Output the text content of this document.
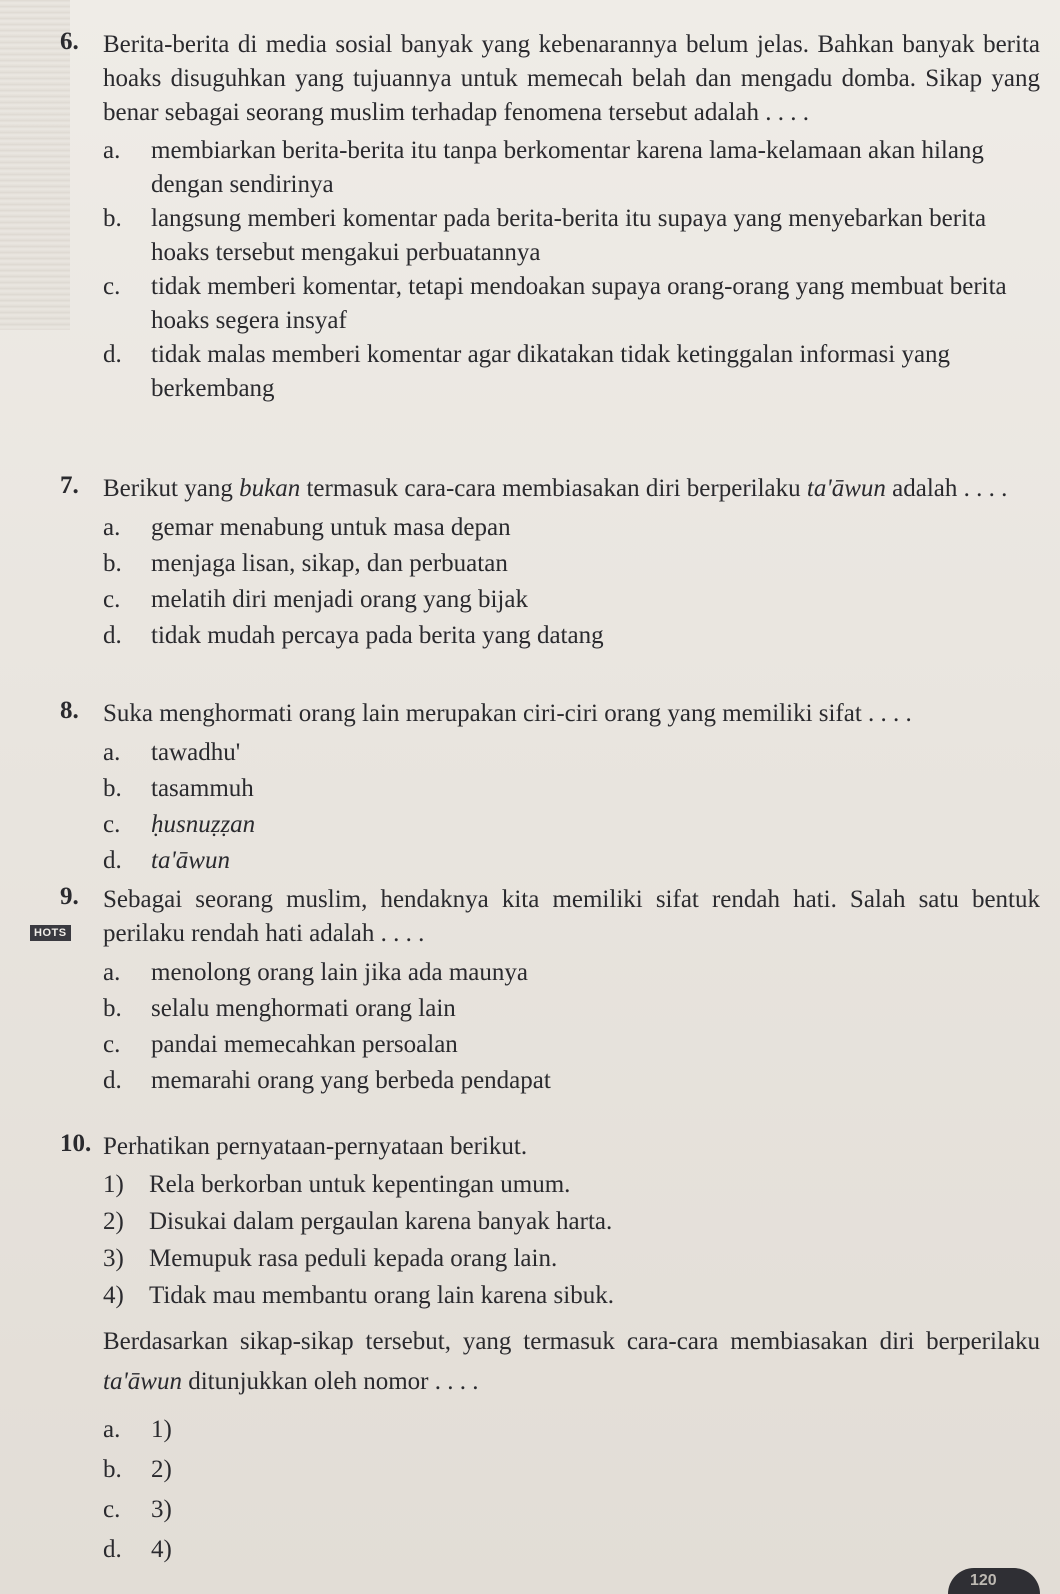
6. Berita-berita di media sosial banyak yang kebenarannya belum jelas. Bahkan banyak berita hoaks disuguhkan yang tujuannya untuk memecah belah dan mengadu domba. Sikap yang benar sebagai seorang muslim terhadap fenomena tersebut adalah . . . .
a. membiarkan berita-berita itu tanpa berkomentar karena lama-kelamaan akan hilang dengan sendirinya
b. langsung memberi komentar pada berita-berita itu supaya yang menyebarkan berita hoaks tersebut mengakui perbuatannya
c. tidak memberi komentar, tetapi mendoakan supaya orang-orang yang membuat berita hoaks segera insyaf
d. tidak malas memberi komentar agar dikatakan tidak ketinggalan informasi yang berkembang
7. Berikut yang bukan termasuk cara-cara membiasakan diri berperilaku ta'āwun adalah . . . .
a. gemar menabung untuk masa depan
b. menjaga lisan, sikap, dan perbuatan
c. melatih diri menjadi orang yang bijak
d. tidak mudah percaya pada berita yang datang
8. Suka menghormati orang lain merupakan ciri-ciri orang yang memiliki sifat . . . .
a. tawadhu'
b. tasammuh
c. ḥusnuẓẓan
d. ta'āwun
HOTS
9. Sebagai seorang muslim, hendaknya kita memiliki sifat rendah hati. Salah satu bentuk perilaku rendah hati adalah . . . .
a. menolong orang lain jika ada maunya
b. selalu menghormati orang lain
c. pandai memecahkan persoalan
d. memarahi orang yang berbeda pendapat
10. Perhatikan pernyataan-pernyataan berikut.
1) Rela berkorban untuk kepentingan umum.
2) Disukai dalam pergaulan karena banyak harta.
3) Memupuk rasa peduli kepada orang lain.
4) Tidak mau membantu orang lain karena sibuk.
Berdasarkan sikap-sikap tersebut, yang termasuk cara-cara membiasakan diri berperilaku ta'āwun ditunjukkan oleh nomor . . . .
a. 1)
b. 2)
c. 3)
d. 4)
120
